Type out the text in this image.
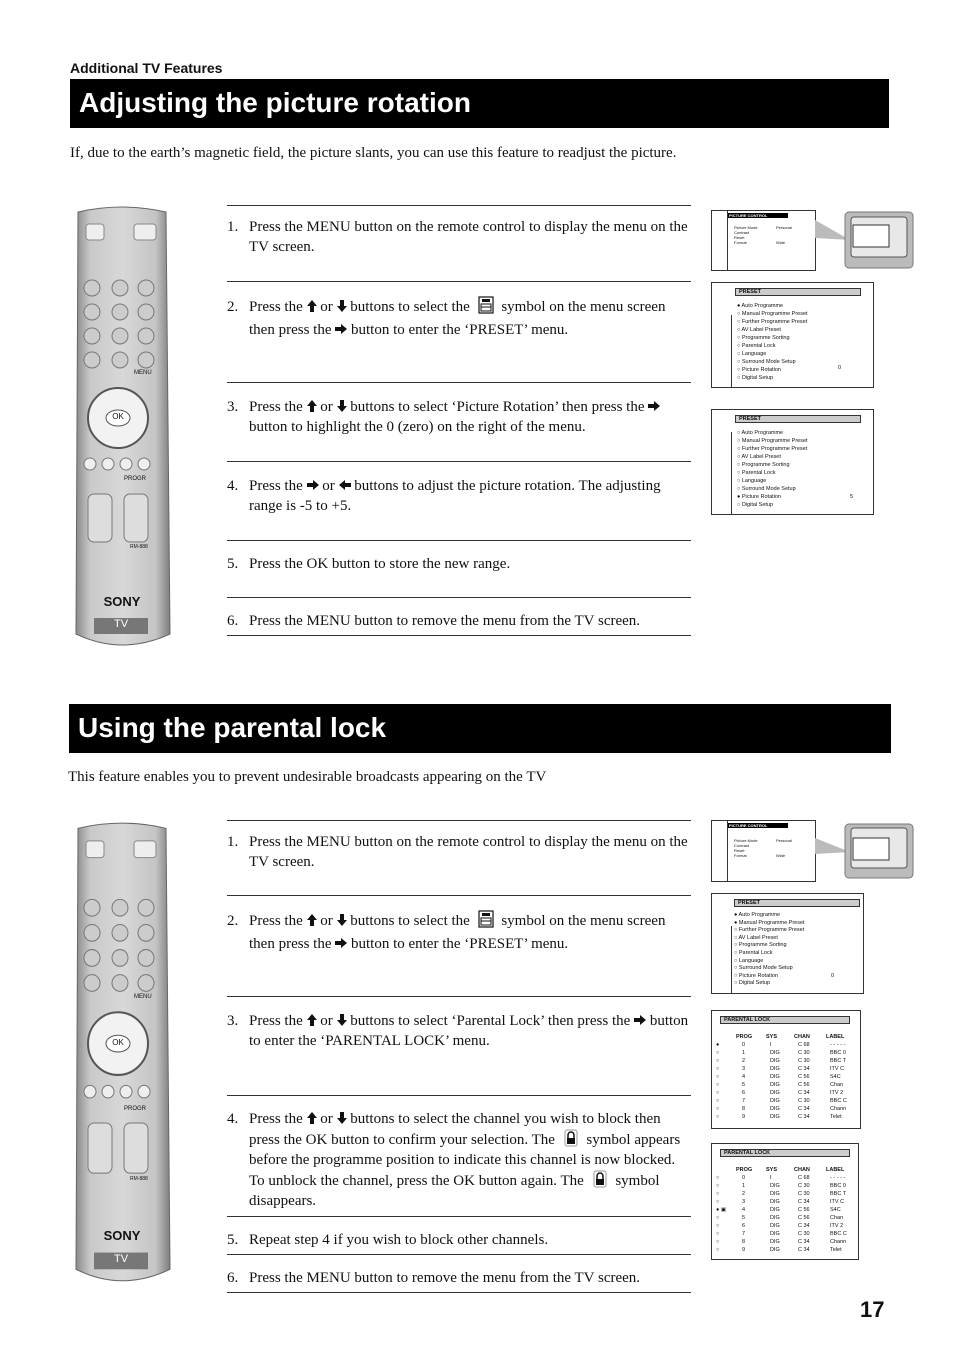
Additional TV Features
Adjusting the picture rotation
If, due to the earth’s magnetic field, the picture slants, you can use this feature to readjust the picture.
SONY
TV
OK
MENU
PROGR
RM-888
1. Press the MENU button on the remote control to display the menu on the TV screen.
2. Press the or buttons to select the symbol on the menu screen then press the button to enter the ‘PRESET’ menu.
3. Press the or buttons to select ‘Picture Rotation’ then press the  button to highlight the 0 (zero) on the right of the menu.
4. Press the or buttons to adjust the picture rotation. The adjusting range is -5 to +5.
5. Press the OK button to store the new range.
6. Press the MENU button to remove the menu from the TV screen.
PICTURE CONTROL
Picture Mode
Contrast
Reset
Format
Personal

Wide
PRESET
● Auto Programme
○ Manual Programme Preset
○ Further Programme Preset
○ AV Label Preset
○ Programme Sorting
○ Parental Lock
○ Language
○ Surround Mode Setup
○ Picture Rotation
○ Digital Setup
0
PRESET
○ Auto Programme
○ Manual Programme Preset
○ Further Programme Preset
○ AV Label Preset
○ Programme Sorting
○ Parental Lock
○ Language
○ Surround Mode Setup
● Picture Rotation
○ Digital Setup
5
Using the parental lock
This feature enables you to prevent undesirable broadcasts appearing on the TV
SONY
TV
OK
MENU
PROGR
RM-888
1. Press the MENU button on the remote control to display the menu on the TV screen.
2. Press the or buttons to select the symbol on the menu screen then press the button to enter the ‘PRESET’ menu.
3. Press the or buttons to select ‘Parental Lock’ then press the button to enter the ‘PARENTAL LOCK’ menu.
4. Press the or buttons to select the channel you wish to block then press the OK button to confirm your selection. The symbol appears before the programme position to indicate this channel is now blocked. To unblock the channel, press the OK button again. The symbol disappears.
5. Repeat step 4 if you wish to block other channels.
6. Press the MENU button to remove the menu from the TV screen.
PICTURE CONTROL
Picture Mode
Contrast
Reset
Format
Personal

Wide
PRESET
● Auto Programme
● Manual Programme Preset
○ Further Programme Preset
○ AV Label Preset
○ Programme Sorting
○ Parental Lock
○ Language
○ Surround Mode Setup
○ Picture Rotation
○ Digital Setup
0
PARENTAL LOCK
PROG	SYS	CHAN	LABEL
●	0	I	C 68	- - - - -
○	1	DIG	C 30	BBC 0
○	2	DIG	C 30	BBC T
○	3	DIG	C 34	ITV C
○	4	DIG	C 56	S4C
○	5	DIG	C 56	Chan
○	6	DIG	C 34	ITV 2
○	7	DIG	C 30	BBC C
○	8	DIG	C 34	Chann
○	9	DIG	C 34	Telet
PARENTAL LOCK
PROG	SYS	CHAN	LABEL
○	0	I	C 68	- - - - -
○	1	DIG	C 30	BBC 0
○	2	DIG	C 30	BBC T
○	3	DIG	C 34	ITV C
● ▣	4	DIG	C 56	S4C
○	5	DIG	C 56	Chan
○	6	DIG	C 34	ITV 2
○	7	DIG	C 30	BBC C
○	8	DIG	C 34	Chann
○	9	DIG	C 34	Telet
17
